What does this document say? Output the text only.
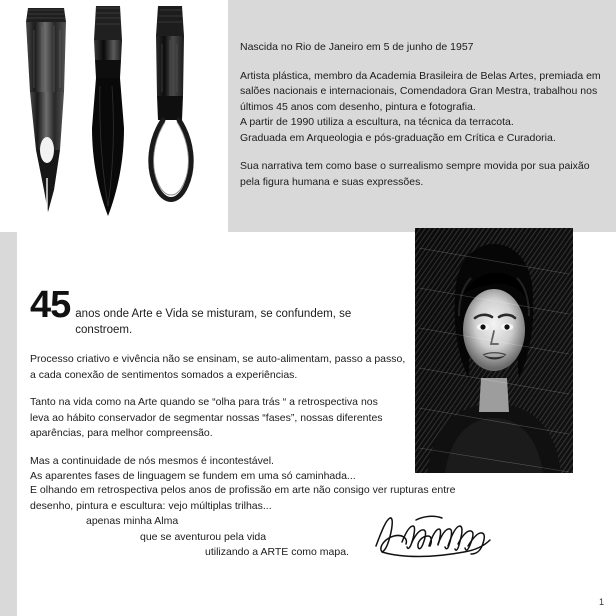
Nascida no Rio de Janeiro em 5 de junho de 1957

Artista plástica, membro da Academia Brasileira de Belas Artes, premiada em salões nacionais e internacionais, Comendadora Gran Mestra, trabalhou nos últimos 45 anos com desenho, pintura e fotografia.

A partir de 1990 utiliza a escultura, na técnica da terracota.

Graduada em Arqueologia e pós-graduação em Crítica e Curadoria.

Sua narrativa tem como base o surrealismo sempre movida por sua paixão pela figura humana e suas expressões.

45 anos onde Arte e Vida se misturam, se confundem, se constroem.

Processo criativo e vivência não se ensinam, se auto-alimentam, passo a passo, a cada conexão de sentimentos somados a experiências.

Tanto na vida como na Arte quando se “olha para trás “ a retrospectiva nos leva ao hábito conservador de segmentar nossas “fases”, nossas diferentes aparências, para melhor compreensão.

Mas a continuidade de nós mesmos é incontestável.

As aparentes fases de linguagem se fundem em uma só caminhada...

E olhando em retrospectiva pelos anos de profissão em arte não consigo ver rupturas entre

desenho, pintura e escultura: vejo múltiplas trilhas...

apenas minha Alma

que se aventurou pela vida

utilizando a ARTE como mapa.

1
